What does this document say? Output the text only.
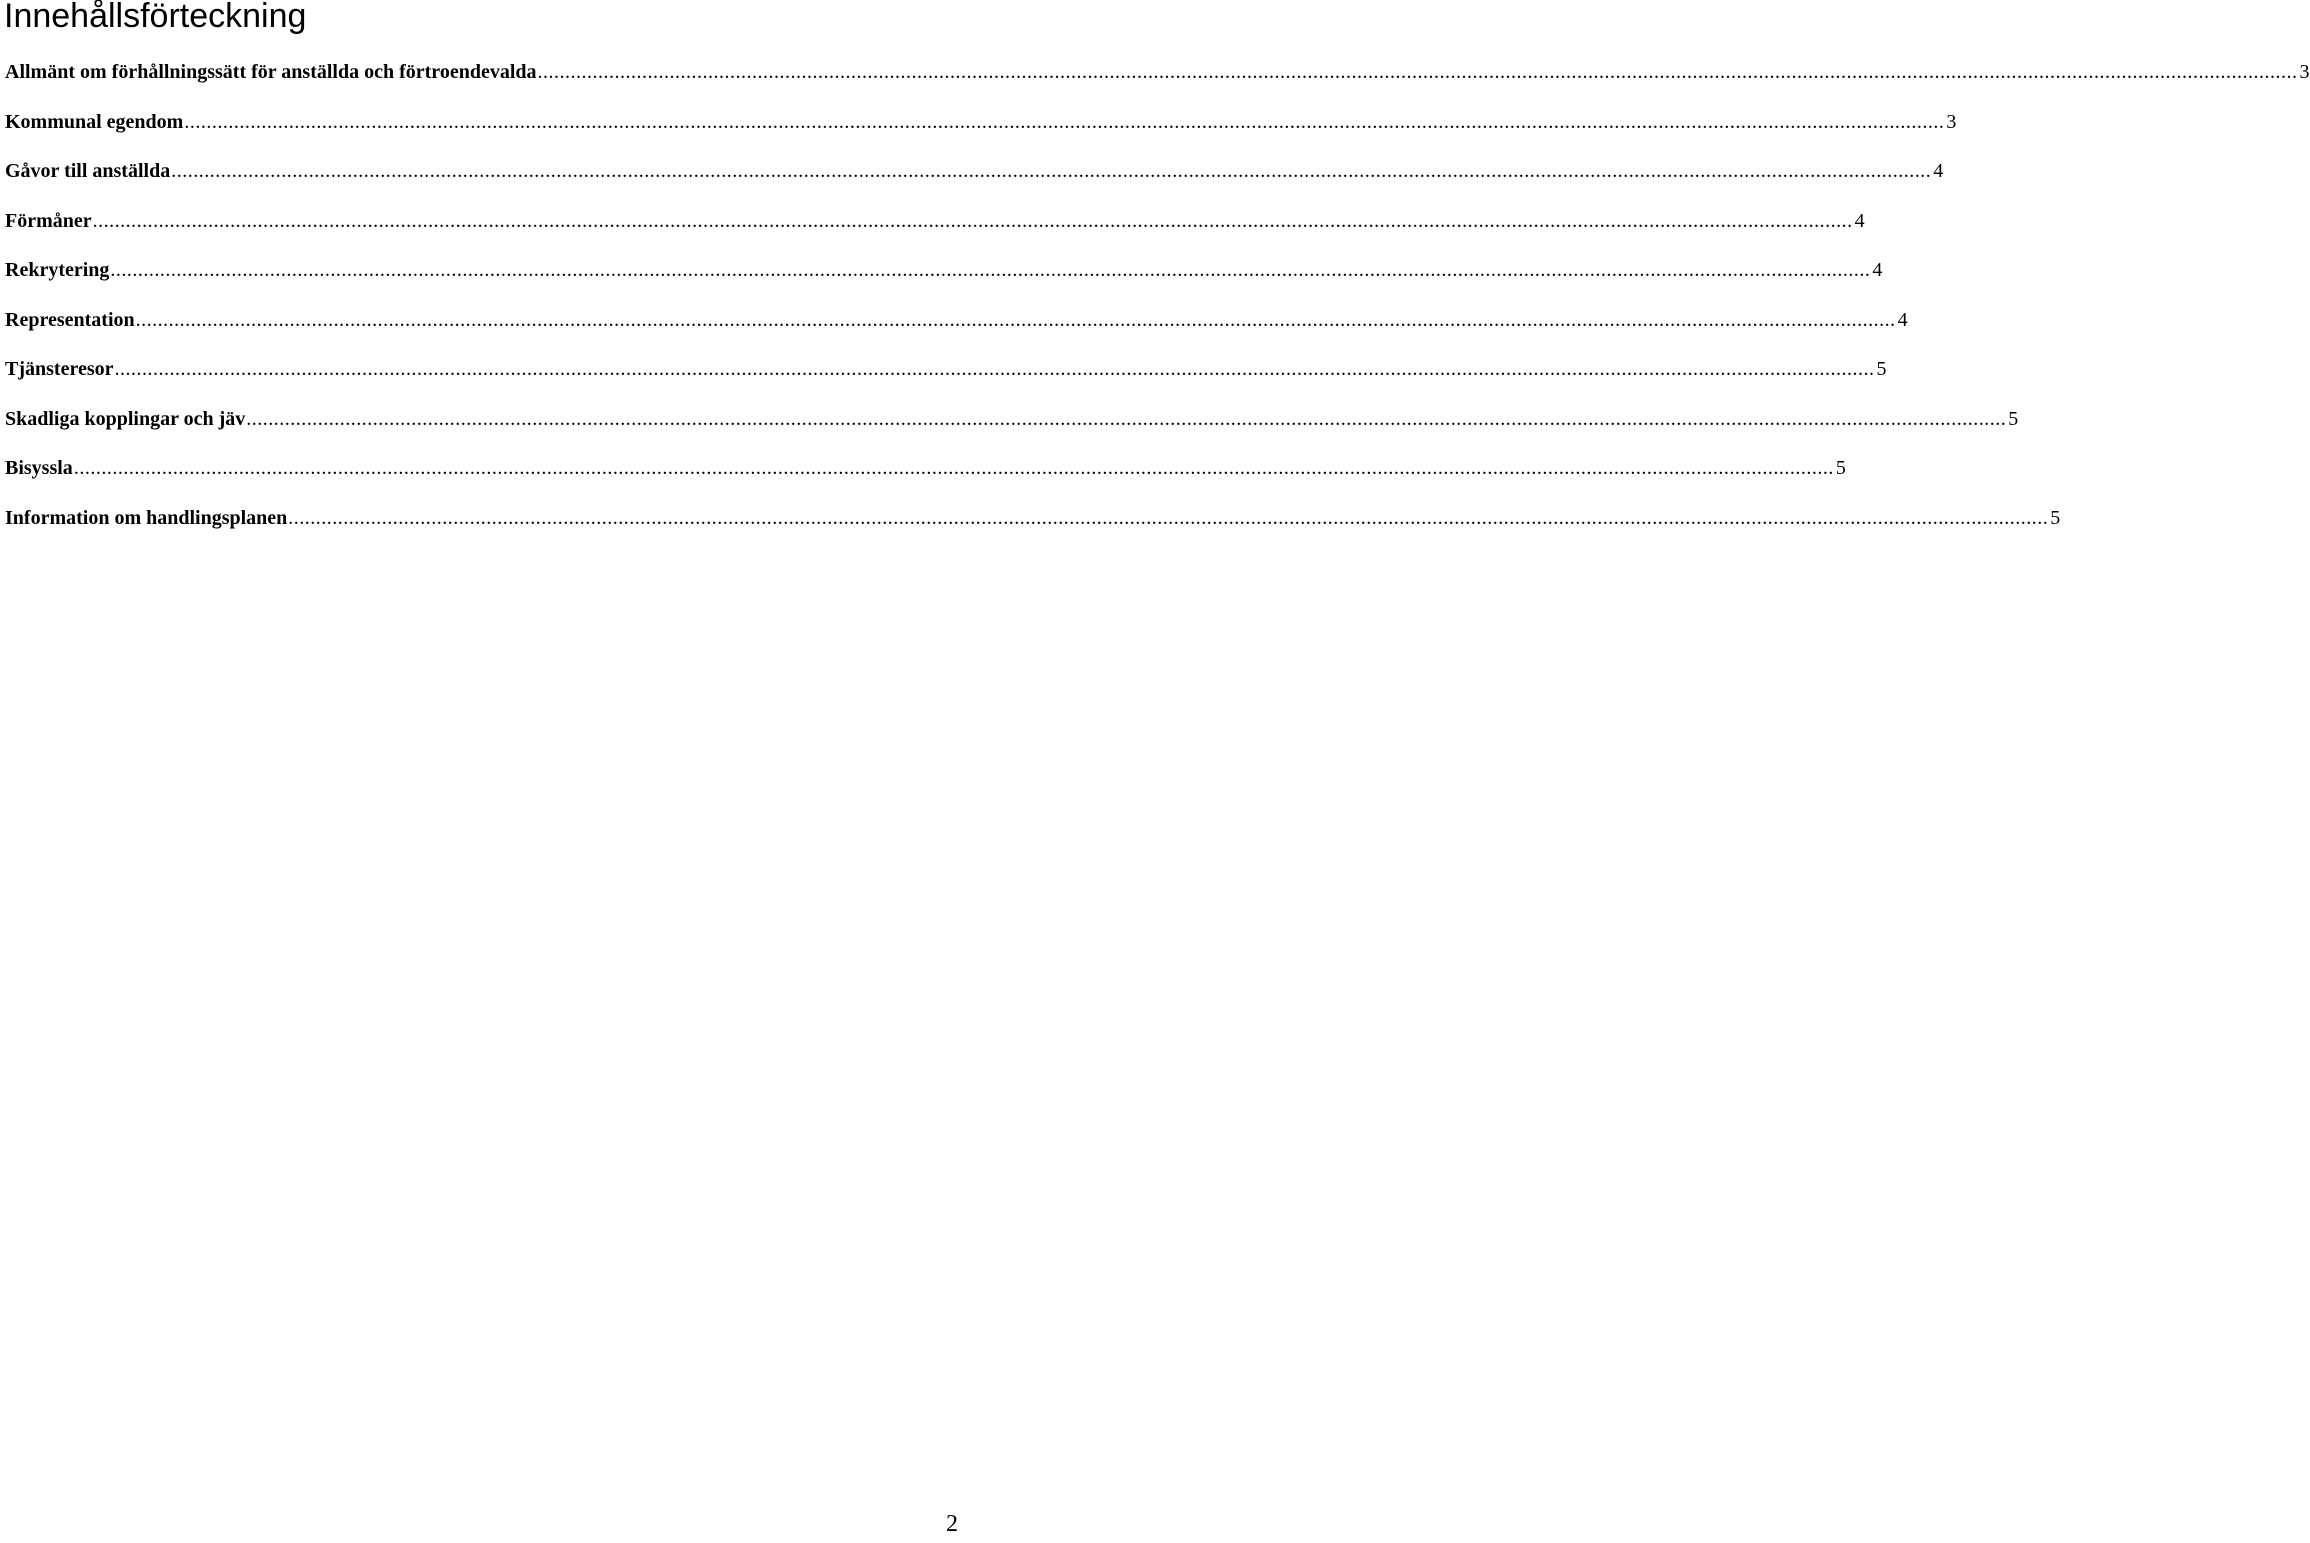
Innehållsförteckning
Allmänt om förhållningssätt för anställda och förtroendevalda ................................................................................................................................................................................................................................................................................................................................ 3
Kommunal egendom ................................................................................................................................................................................................................................................................................................................................ 3
Gåvor till anställda ................................................................................................................................................................................................................................................................................................................................ 4
Förmåner ................................................................................................................................................................................................................................................................................................................................ 4
Rekrytering ................................................................................................................................................................................................................................................................................................................................ 4
Representation ................................................................................................................................................................................................................................................................................................................................ 4
Tjänsteresor ................................................................................................................................................................................................................................................................................................................................ 5
Skadliga kopplingar och jäv ................................................................................................................................................................................................................................................................................................................................ 5
Bisyssla ................................................................................................................................................................................................................................................................................................................................ 5
Information om handlingsplanen ................................................................................................................................................................................................................................................................................................................................ 5
2
